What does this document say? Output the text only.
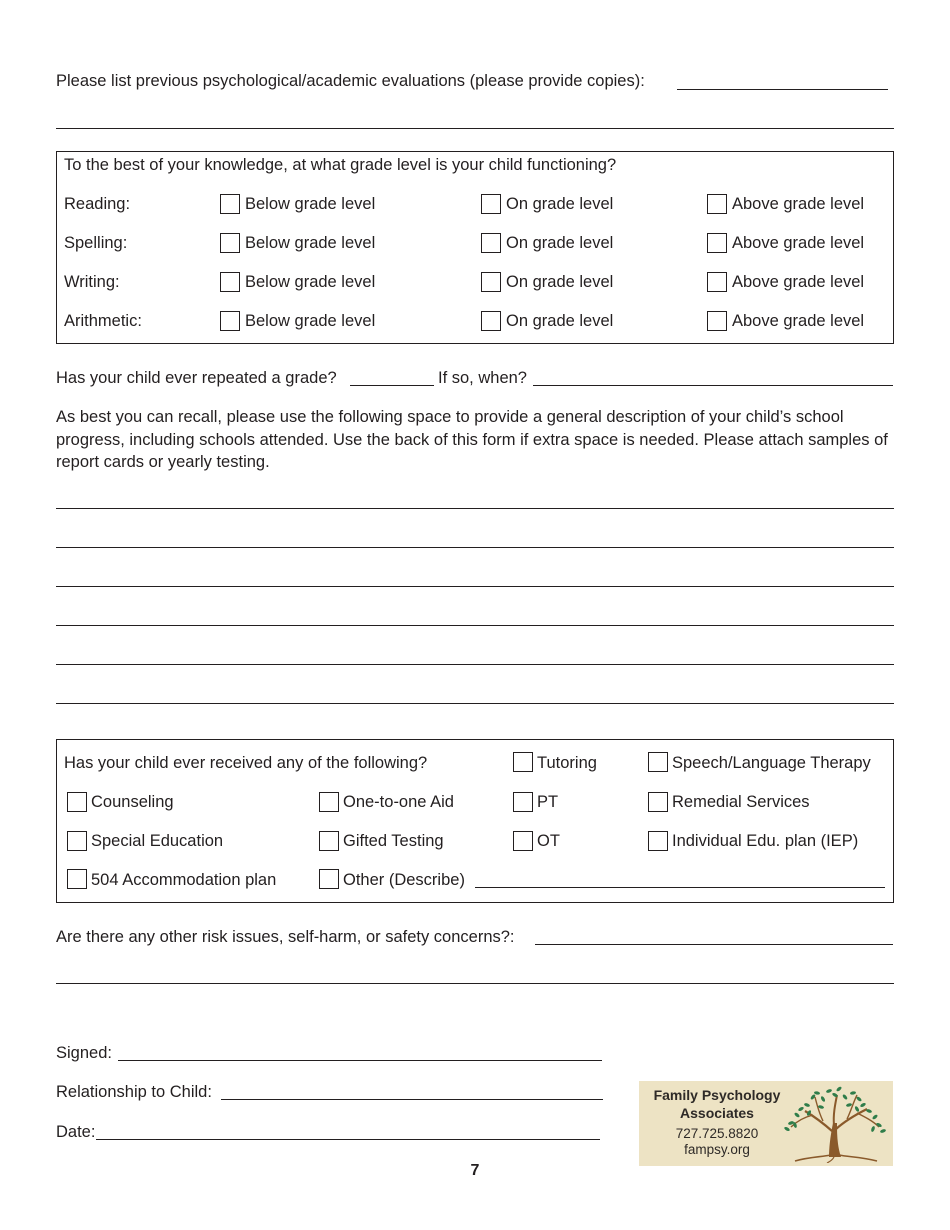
Please list previous psychological/academic evaluations (please provide copies):
To the best of your knowledge, at what grade level is your child functioning?
Reading:	Below grade level	On grade level	Above grade level
Spelling:	Below grade level	On grade level	Above grade level
Writing:	Below grade level	On grade level	Above grade level
Arithmetic:	Below grade level	On grade level	Above grade level
Has your child ever repeated a grade?	If so, when?
As best you can recall, please use the following space to provide a general description of your child’s school progress, including schools attended. Use the back of this form if extra space is needed. Please attach samples of report cards or yearly testing.
Has your child ever received any of the following?	Tutoring	Speech/Language Therapy
Counseling	One-to-one Aid	PT	Remedial Services
Special Education	Gifted Testing	OT	Individual Edu. plan (IEP)
504 Accommodation plan	Other (Describe)
Are there any other risk issues, self-harm, or safety concerns?:
Signed:
Relationship to Child:
Date:
Family Psychology
Associates
727.725.8820
fampsy.org
7
